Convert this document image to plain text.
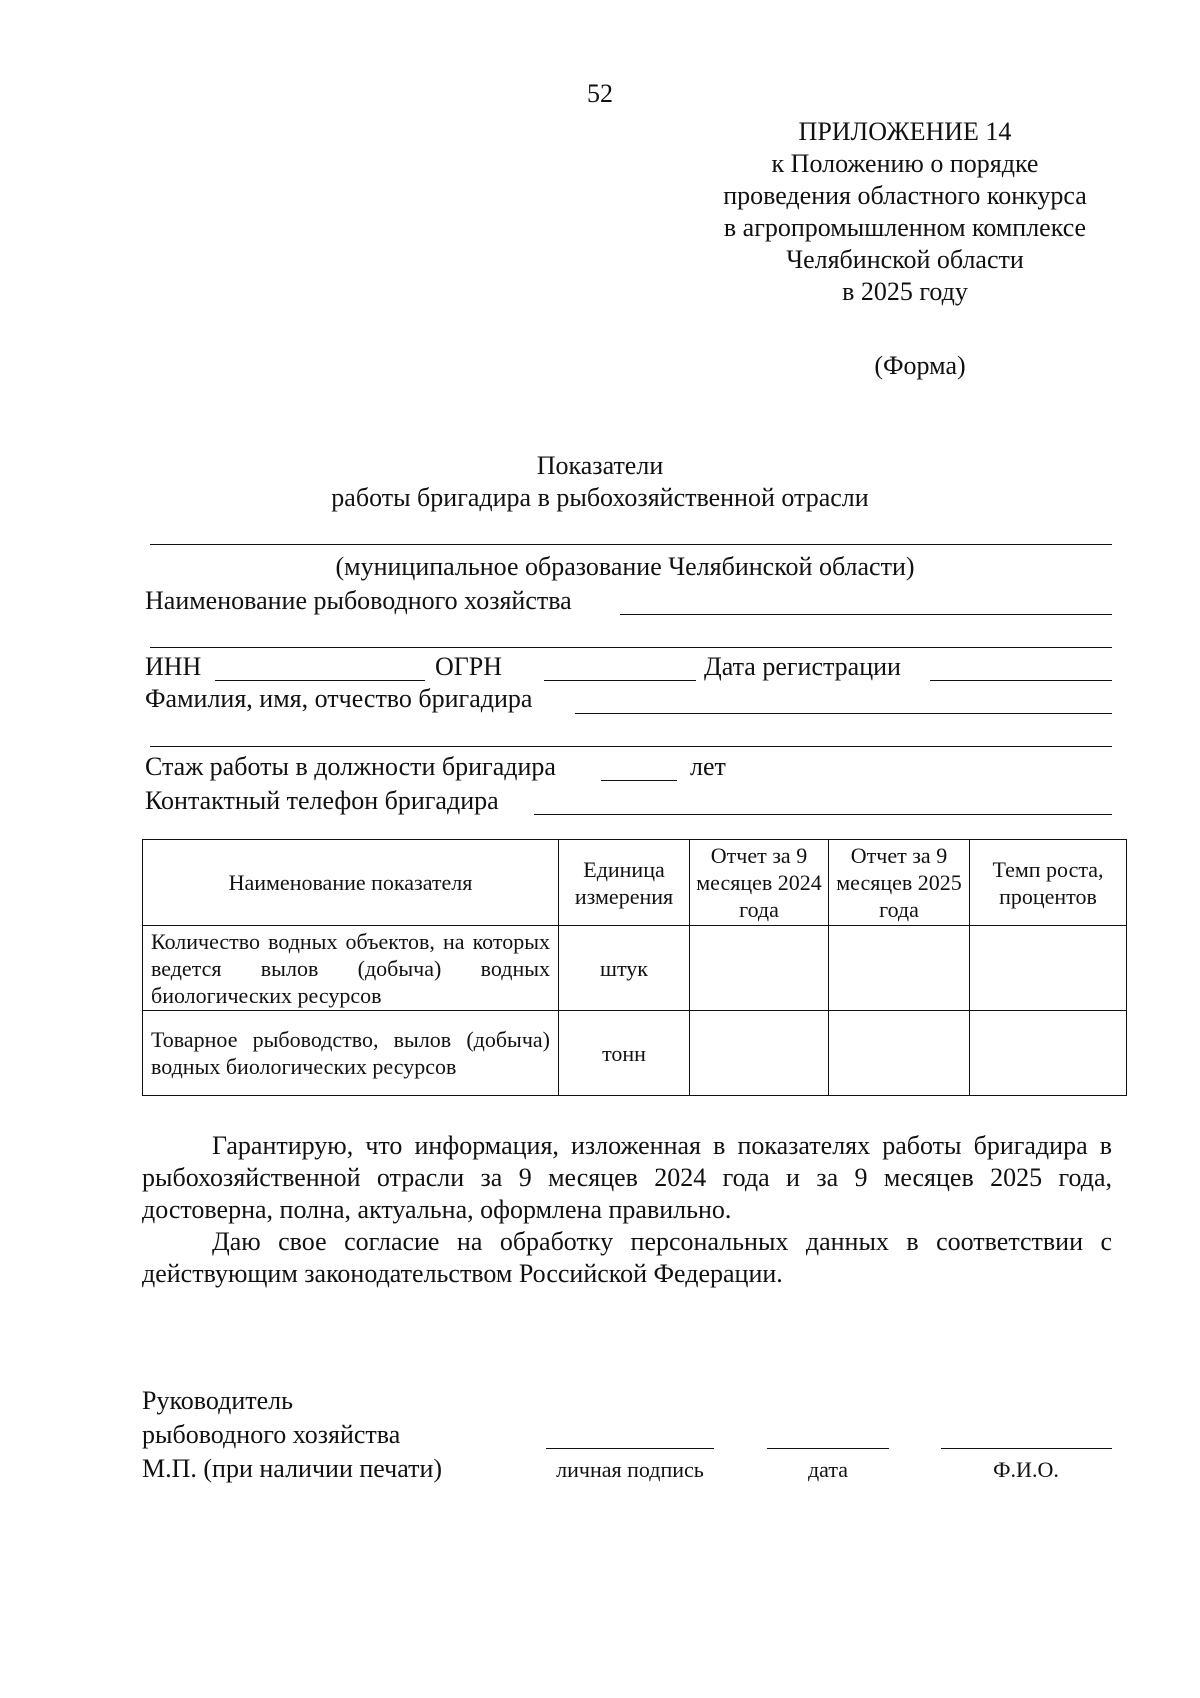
52
ПРИЛОЖЕНИЕ 14
к Положению о порядке
проведения областного конкурса
в агропромышленном комплексе
Челябинской области
в 2025 году
(Форма)
Показатели
работы бригадира в рыбохозяйственной отрасли
(муниципальное образование Челябинской области)
Наименование рыбоводного хозяйства
ИНН	ОГРН	Дата регистрации
Фамилия, имя, отчество бригадира
Стаж работы в должности бригадира	лет
Контактный телефон бригадира
Наименование показателя	Единица измерения	Отчет за 9 месяцев 2024 года	Отчет за 9 месяцев 2025 года	Темп роста, процентов
Количество водных объектов, на которых ведется вылов (добыча) водных биологических ресурсов	штук			
Товарное рыбоводство, вылов (добыча) водных биологических ресурсов	тонн			
Гарантирую, что информация, изложенная в показателях работы бригадира в рыбохозяйственной отрасли за 9 месяцев 2024 года и за 9 месяцев 2025 года, достоверна, полна, актуальна, оформлена правильно.
Даю свое согласие на обработку персональных данных в соответствии с действующим законодательством Российской Федерации.
Руководитель
рыбоводного хозяйства
М.П. (при наличии печати)	личная подпись	дата	Ф.И.О.
